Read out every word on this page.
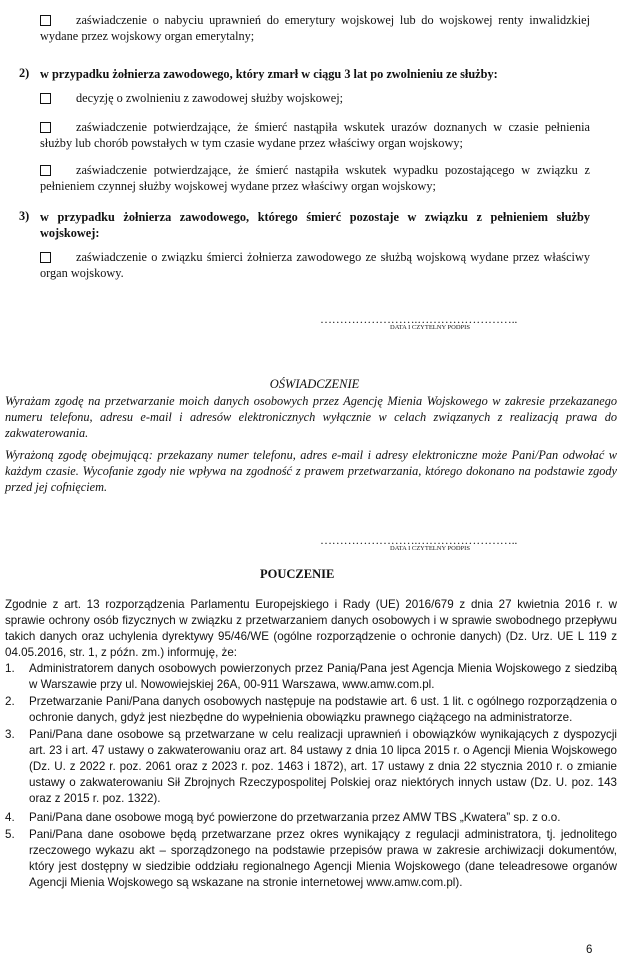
zaświadczenie o nabyciu uprawnień do emerytury wojskowej lub do wojskowej renty inwalidzkiej wydane przez wojskowy organ emerytalny;
2) w przypadku żołnierza zawodowego, który zmarł w ciągu 3 lat po zwolnieniu ze służby:
decyzję o zwolnieniu z zawodowej służby wojskowej;
zaświadczenie potwierdzające, że śmierć nastąpiła wskutek urazów doznanych w czasie pełnienia służby lub chorób powstałych w tym czasie wydane przez właściwy organ wojskowy;
zaświadczenie potwierdzające, że śmierć nastąpiła wskutek wypadku pozostającego w związku z pełnieniem czynnej służby wojskowej wydane przez właściwy organ wojskowy;
3) w przypadku żołnierza zawodowego, którego śmierć pozostaje w związku z pełnieniem służby wojskowej:
zaświadczenie o związku śmierci żołnierza zawodowego ze służbą wojskową wydane przez właściwy organ wojskowy.
…………………….……………………..
DATA I CZYTELNY PODPIS
OŚWIADCZENIE
Wyrażam zgodę na przetwarzanie moich danych osobowych przez Agencję Mienia Wojskowego w zakresie przekazanego numeru telefonu, adresu e-mail i adresów elektronicznych wyłącznie w celach związanych z realizacją prawa do zakwaterowania.
Wyrażoną zgodę obejmującą: przekazany numer telefonu, adres e-mail i adresy elektroniczne może Pani/Pan odwołać w każdym czasie. Wycofanie zgody nie wpływa na zgodność z prawem przetwarzania, którego dokonano na podstawie zgody przed jej cofnięciem.
…………………….……………………..
DATA I CZYTELNY PODPIS
POUCZENIE
Zgodnie z art. 13 rozporządzenia Parlamentu Europejskiego i Rady (UE) 2016/679 z dnia 27 kwietnia 2016 r. w sprawie ochrony osób fizycznych w związku z przetwarzaniem danych osobowych i w sprawie swobodnego przepływu takich danych oraz uchylenia dyrektywy 95/46/WE (ogólne rozporządzenie o ochronie danych) (Dz. Urz. UE L 119 z 04.05.2016, str. 1, z późn. zm.) informuję, że:
1. Administratorem danych osobowych powierzonych przez Panią/Pana jest Agencja Mienia Wojskowego z siedzibą w Warszawie przy ul. Nowowiejskiej 26A, 00-911 Warszawa, www.amw.com.pl.
2. Przetwarzanie Pani/Pana danych osobowych następuje na podstawie art. 6 ust. 1 lit. c ogólnego rozporządzenia o ochronie danych, gdyż jest niezbędne do wypełnienia obowiązku prawnego ciążącego na administratorze.
3. Pani/Pana dane osobowe są przetwarzane w celu realizacji uprawnień i obowiązków wynikających z dyspozycji art. 23 i art. 47 ustawy o zakwaterowaniu oraz art. 84 ustawy z dnia 10 lipca 2015 r. o Agencji Mienia Wojskowego (Dz. U. z 2022 r. poz. 2061 oraz z 2023 r. poz. 1463 i 1872), art. 17 ustawy z dnia 22 stycznia 2010 r. o zmianie ustawy o zakwaterowaniu Sił Zbrojnych Rzeczypospolitej Polskiej oraz niektórych innych ustaw (Dz. U. poz. 143 oraz z 2015 r. poz. 1322).
4. Pani/Pana dane osobowe mogą być powierzone do przetwarzania przez AMW TBS „Kwatera” sp. z o.o.
5. Pani/Pana dane osobowe będą przetwarzane przez okres wynikający z regulacji administratora, tj. jednolitego rzeczowego wykazu akt – sporządzonego na podstawie przepisów prawa w zakresie archiwizacji dokumentów, który jest dostępny w siedzibie oddziału regionalnego Agencji Mienia Wojskowego (dane teleadresowe organów Agencji Mienia Wojskowego są wskazane na stronie internetowej www.amw.com.pl).
6
